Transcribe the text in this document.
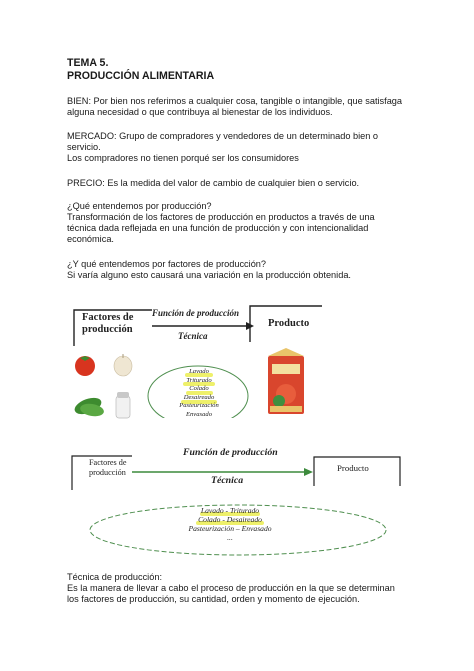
TEMA 5.
PRODUCCIÓN ALIMENTARIA

BIEN: Por bien nos referimos a cualquier cosa, tangible o intangible, que satisfaga

alguna necesidad o que contribuya al bienestar de los individuos.

MERCADO: Grupo de compradores y vendedores de un determinado bien o

servicio.

Los compradores no tienen porqué ser los consumidores

PRECIO: Es la medida del valor de cambio de cualquier bien o servicio.

¿Qué entendemos por producción?

Transformación de los factores de producción en productos a través de una

técnica dada reflejada en una función de producción y con intencionalidad

económica.

¿Y qué entendemos por factores de producción?

Si varía alguno esto causará una variación en la producción obtenida.

Factores de
producción
Función de producción
Técnica
Producto
Lavado
Triturado
Colado
Desaireado
Pasteurización
Envasado
Factores de
producción
Función de producción
Técnica
Producto
Lavado - Triturado
Colado - Desaireado
Pasteurización – Envasado
...

Técnica de producción:

Es la manera de llevar a cabo el proceso de producción en la que se determinan

los factores de producción, su cantidad, orden y momento de ejecución.
